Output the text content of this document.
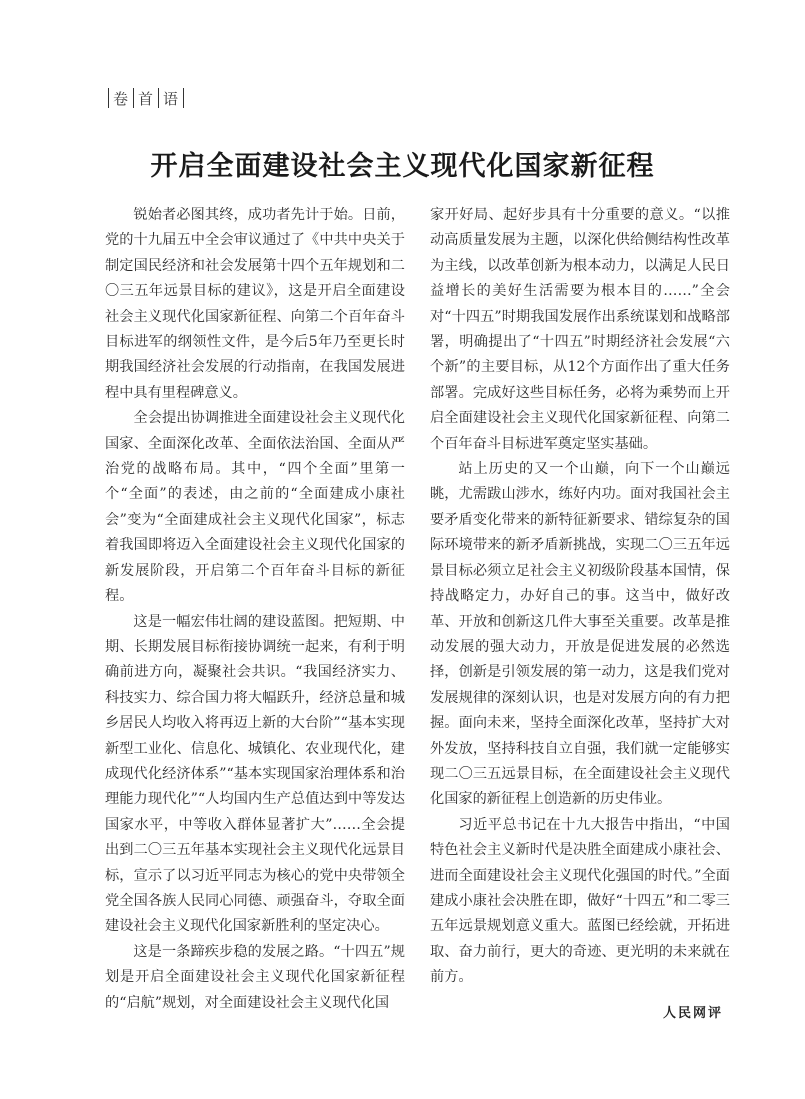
卷 首 语
开启全面建设社会主义现代化国家新征程

锐始者必图其终，成功者先计于始。日前，党的十九届五中全会审议通过了《中共中央关于制定国民经济和社会发展第十四个五年规划和二〇三五年远景目标的建议》，这是开启全面建设社会主义现代化国家新征程、向第二个百年奋斗目标进军的纲领性文件，是今后5年乃至更长时期我国经济社会发展的行动指南，在我国发展进程中具有里程碑意义。

全会提出协调推进全面建设社会主义现代化国家、全面深化改革、全面依法治国、全面从严治党的战略布局。其中，“四个全面”里第一个“全面”的表述，由之前的“全面建成小康社会”变为“全面建成社会主义现代化国家”，标志着我国即将迈入全面建设社会主义现代化国家的新发展阶段，开启第二个百年奋斗目标的新征程。

这是一幅宏伟壮阔的建设蓝图。把短期、中期、长期发展目标衔接协调统一起来，有利于明确前进方向，凝聚社会共识。“我国经济实力、科技实力、综合国力将大幅跃升，经济总量和城乡居民人均收入将再迈上新的大台阶”“基本实现新型工业化、信息化、城镇化、农业现代化，建成现代化经济体系”“基本实现国家治理体系和治理能力现代化”“人均国内生产总值达到中等发达国家水平，中等收入群体显著扩大”……全会提出到二〇三五年基本实现社会主义现代化远景目标，宣示了以习近平同志为核心的党中央带领全党全国各族人民同心同德、顽强奋斗，夺取全面建设社会主义现代化国家新胜利的坚定决心。

这是一条蹄疾步稳的发展之路。“十四五”规划是开启全面建设社会主义现代化国家新征程的“启航”规划，对全面建设社会主义现代化国

家开好局、起好步具有十分重要的意义。“以推动高质量发展为主题，以深化供给侧结构性改革为主线，以改革创新为根本动力，以满足人民日益增长的美好生活需要为根本目的……”全会对“十四五”时期我国发展作出系统谋划和战略部署，明确提出了“十四五”时期经济社会发展“六个新”的主要目标，从12个方面作出了重大任务部署。完成好这些目标任务，必将为乘势而上开启全面建设社会主义现代化国家新征程、向第二个百年奋斗目标进军奠定坚实基础。

站上历史的又一个山巅，向下一个山巅远眺，尤需跋山涉水，练好内功。面对我国社会主要矛盾变化带来的新特征新要求、错综复杂的国际环境带来的新矛盾新挑战，实现二〇三五年远景目标必须立足社会主义初级阶段基本国情，保持战略定力，办好自己的事。这当中，做好改革、开放和创新这几件大事至关重要。改革是推动发展的强大动力，开放是促进发展的必然选择，创新是引领发展的第一动力，这是我们党对发展规律的深刻认识，也是对发展方向的有力把握。面向未来，坚持全面深化改革，坚持扩大对外发放，坚持科技自立自强，我们就一定能够实现二〇三五远景目标，在全面建设社会主义现代化国家的新征程上创造新的历史伟业。

习近平总书记在十九大报告中指出，“中国特色社会主义新时代是决胜全面建成小康社会、进而全面建设社会主义现代化强国的时代。”全面建成小康社会决胜在即，做好“十四五”和二零三五年远景规划意义重大。蓝图已经绘就，开拓进取、奋力前行，更大的奇迹、更光明的未来就在前方。

人民网评
